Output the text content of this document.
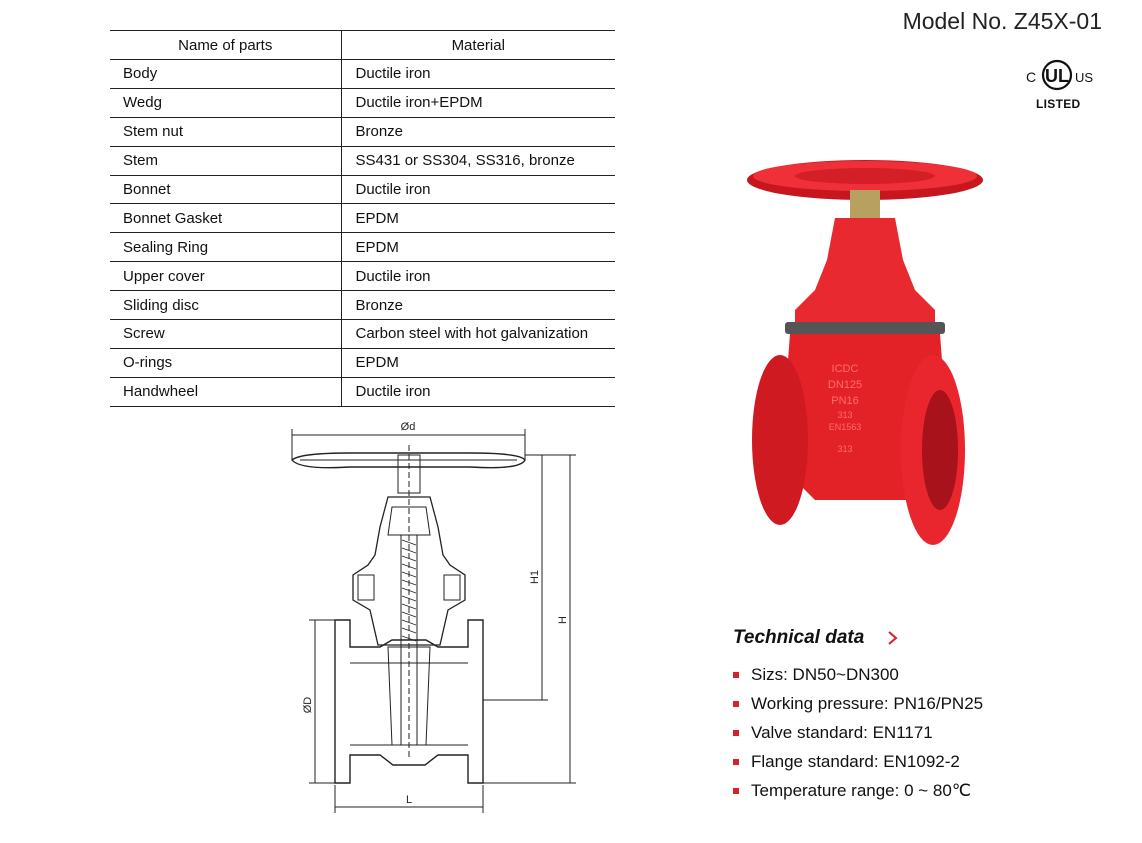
Name of parts	Material
Body	Ductile iron
Wedg	Ductile iron+EPDM
Stem nut	Bronze
Stem	SS431 or SS304, SS316, bronze
Bonnet	Ductile iron
Bonnet Gasket	EPDM
Sealing Ring	EPDM
Upper cover	Ductile iron
Sliding disc	Bronze
Screw	Carbon steel with hot galvanization
O-rings	EPDM
Handwheel	Ductile iron
Model No. Z45X-01
C UL US
LISTED
Ød
H1
H
ØD
L
ICDC
DN125
PN16
313
EN1563
313
Technical data
Sizs: DN50~DN300
Working pressure: PN16/PN25
Valve standard: EN1171
Flange standard: EN1092-2
Temperature range: 0 ~ 80℃
